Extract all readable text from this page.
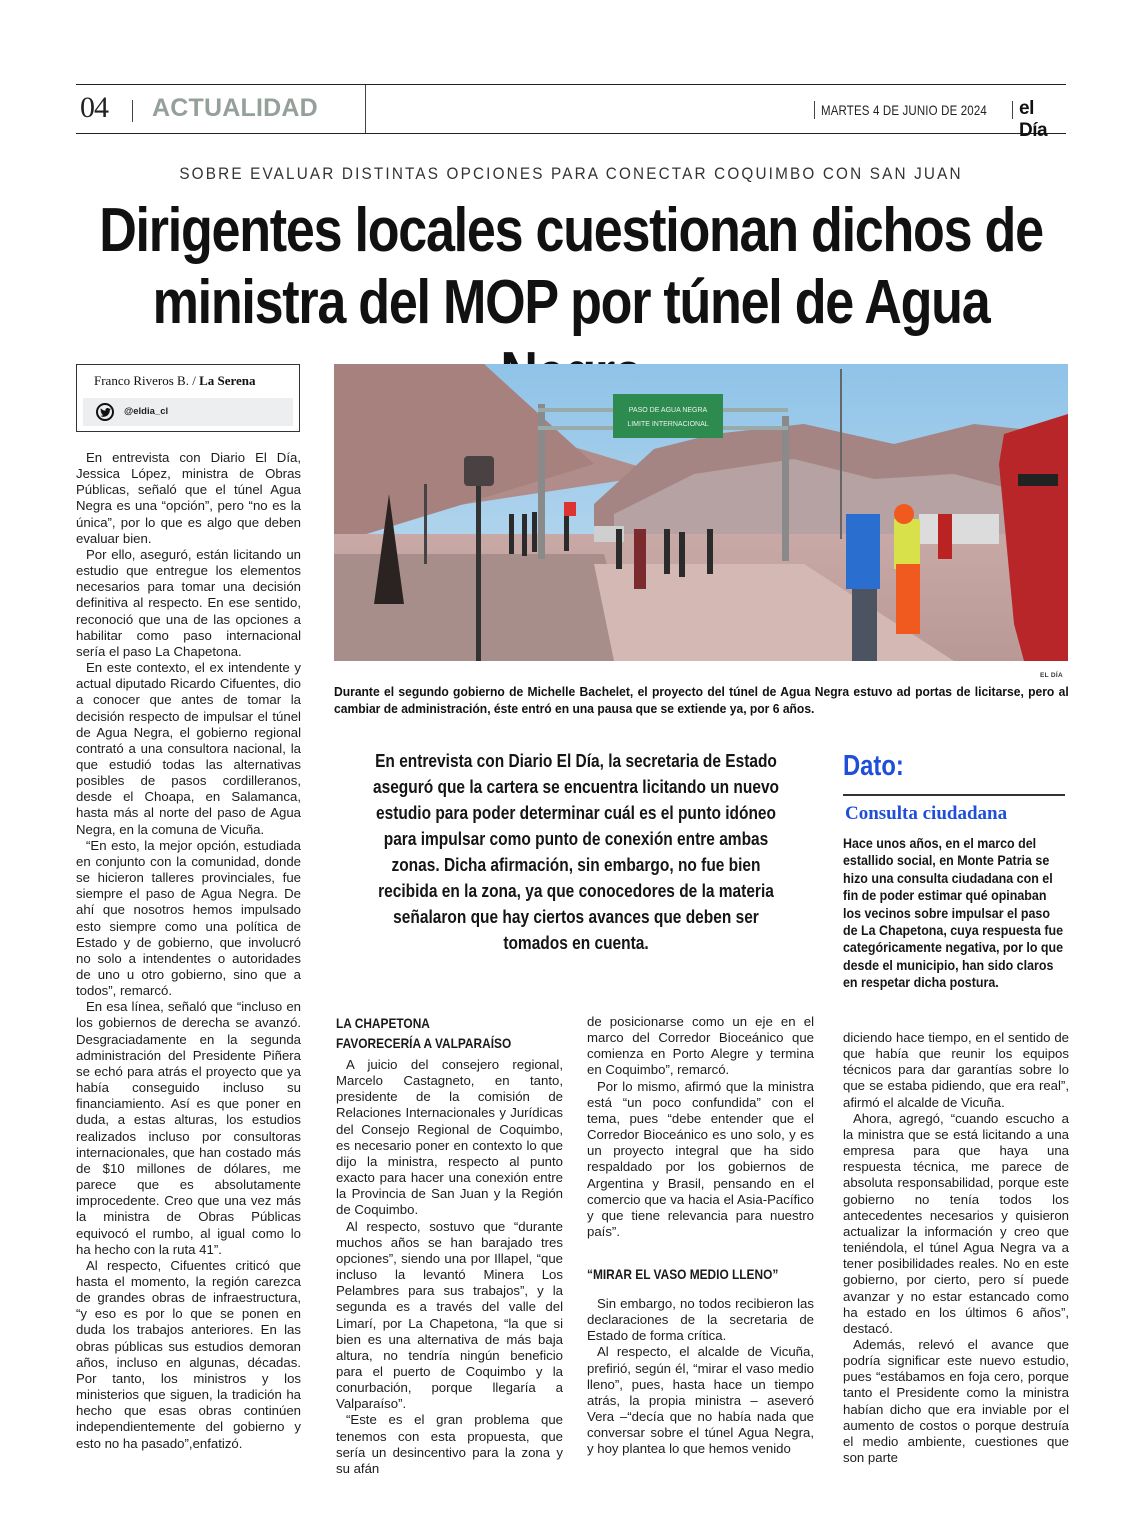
04 ACTUALIDAD	MARTES 4 DE JUNIO DE 2024 el Día
SOBRE EVALUAR DISTINTAS OPCIONES PARA CONECTAR COQUIMBO CON SAN JUAN
Dirigentes locales cuestionan dichos de
ministra del MOP por túnel de Agua
Franco Riveros B. / La Serena
@eldia_cl

En entrevista con Diario El Día, Jessica López, ministra de Obras Públicas, señaló que el túnel Agua Negra es una “opción”, pero “no es la única”, por lo que es algo que deben evaluar bien.

Por ello, aseguró, están licitando un estudio que entregue los elementos necesarios para tomar una decisión definitiva al respecto. En ese sentido, reconoció que una de las opciones a habilitar como paso internacional sería el paso La Chapetona.

En este contexto, el ex intendente y actual diputado Ricardo Cifuentes, dio a conocer que antes de tomar la decisión respecto de impulsar el túnel de Agua Negra, el gobierno regional contrató a una consultora nacional, la que estudió todas las alternativas posibles de pasos cordilleranos, desde el Choapa, en Salamanca, hasta más al norte del paso de Agua Negra, en la comuna de Vicuña.

“En esto, la mejor opción, estudiada en conjunto con la comunidad, donde se hicieron talleres provinciales, fue siempre el paso de Agua Negra. De ahí que nosotros hemos impulsado esto siempre como una política de Estado y de gobierno, que involucró no solo a intendentes o autoridades de uno u otro gobierno, sino que a todos”, remarcó.

En esa línea, señaló que “incluso en los gobiernos de derecha se avanzó. Desgraciadamente en la segunda administración del Presidente Piñera se echó para atrás el proyecto que ya había conseguido incluso su financiamiento. Así es que poner en duda, a estas alturas, los estudios realizados incluso por consultoras internacionales, que han costado más de $10 millones de dólares, me parece que es absolutamente improcedente. Creo que una vez más la ministra de Obras Públicas equivocó el rumbo, al igual como lo ha hecho con la ruta 41”.

Al respecto, Cifuentes criticó que hasta el momento, la región carezca de grandes obras de infraestructura, “y eso es por lo que se ponen en duda los trabajos anteriores. En las obras públicas sus estudios demoran años, incluso en algunas, décadas. Por tanto, los ministros y los ministerios que siguen, la tradición ha hecho que esas obras continúen independientemente del gobierno y esto no ha pasado”,enfatizó.

PASO DE AGUA NEGRA
LIMITE INTERNACIONAL
EL DÍA
Durante el segundo gobierno de Michelle Bachelet, el proyecto del túnel de Agua Negra estuvo ad portas de licitarse, pero al cambiar de administración, éste entró en una pausa que se extiende ya, por 6 años.
En entrevista con Diario El Día, la secretaria de Estado aseguró que la cartera se encuentra licitando un nuevo estudio para poder determinar cuál es el punto idóneo para impulsar como punto de conexión entre ambas zonas. Dicha afirmación, sin embargo, no fue bien recibida en la zona, ya que conocedores de la materia señalaron que hay ciertos avances que deben ser tomados en cuenta.
Dato:
Consulta ciudadana
Hace unos años, en el marco del estallido social, en Monte Patria se hizo una consulta ciudadana con el fin de poder estimar qué opinaban los vecinos sobre impulsar el paso de La Chapetona, cuya respuesta fue categóricamente negativa, por lo que desde el municipio, han sido claros en respetar dicha postura.
LA CHAPETONA
FAVORECERÍA A VALPARAÍSO

A juicio del consejero regional, Marcelo Castagneto, en tanto, presidente de la comisión de Relaciones Internacionales y Jurídicas del Consejo Regional de Coquimbo, es necesario poner en contexto lo que dijo la ministra, respecto al punto exacto para hacer una conexión entre la Provincia de San Juan y la Región de Coquimbo.

Al respecto, sostuvo que “durante muchos años se han barajado tres opciones”, siendo una por Illapel, “que incluso la levantó Minera Los Pelambres para sus trabajos”, y la segunda es a través del valle del Limarí, por La Chapetona, “la que si bien es una alternativa de más baja altura, no tendría ningún beneficio para el puerto de Coquimbo y la conurbación, porque llegaría a Valparaíso”.

“Este es el gran problema que tenemos con esta propuesta, que sería un desincentivo para la zona y su afán

de posicionarse como un eje en el marco del Corredor Bioceánico que comienza en Porto Alegre y termina en Coquimbo”, remarcó.

Por lo mismo, afirmó que la ministra está “un poco confundida” con el tema, pues “debe entender que el Corredor Bioceánico es uno solo, y es un proyecto integral que ha sido respaldado por los gobiernos de Argentina y Brasil, pensando en el comercio que va hacia el Asia-Pacífico y que tiene relevancia para nuestro país”.

“MIRAR EL VASO MEDIO LLENO”

Sin embargo, no todos recibieron las declaraciones de la secretaria de Estado de forma crítica.

Al respecto, el alcalde de Vicuña, prefirió, según él, “mirar el vaso medio lleno”, pues, hasta hace un tiempo atrás, la propia ministra – aseveró Vera –“decía que no había nada que conversar sobre el túnel Agua Negra, y hoy plantea lo que hemos venido

diciendo hace tiempo, en el sentido de que había que reunir los equipos técnicos para dar garantías sobre lo que se estaba pidiendo, que era real”, afirmó el alcalde de Vicuña.

Ahora, agregó, “cuando escucho a la ministra que se está licitando a una empresa para que haya una respuesta técnica, me parece de absoluta responsabilidad, porque este gobierno no tenía todos los antecedentes necesarios y quisieron actualizar la información y creo que teniéndola, el túnel Agua Negra va a tener posibilidades reales. No en este gobierno, por cierto, pero sí puede avanzar y no estar estancado como ha estado en los últimos 6 años”, destacó.

Además, relevó el avance que podría significar este nuevo estudio, pues “estábamos en foja cero, porque tanto el Presidente como la ministra habían dicho que era inviable por el aumento de costos o porque destruía el medio ambiente, cuestiones que son parte
